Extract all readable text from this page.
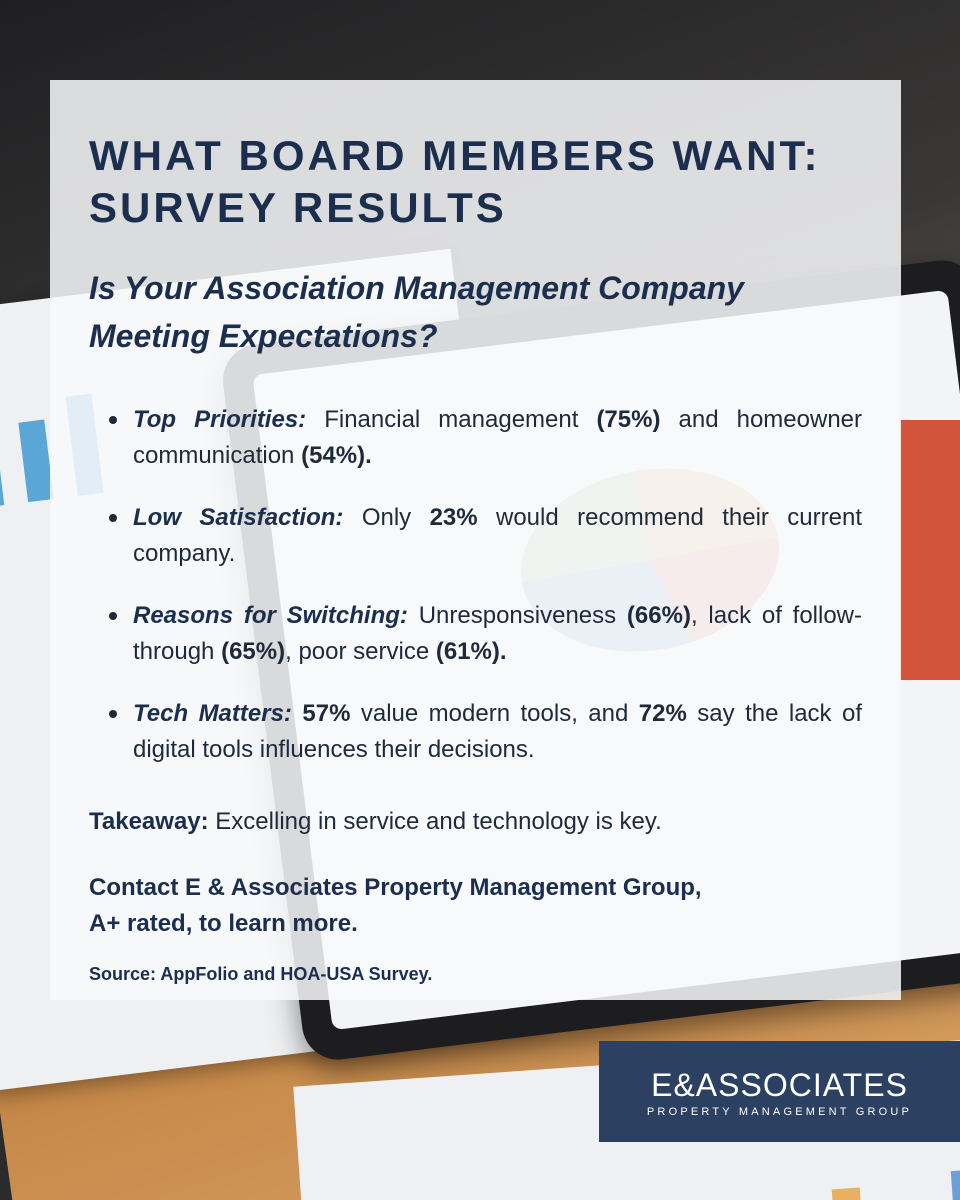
WHAT BOARD MEMBERS WANT:
SURVEY RESULTS
Is Your Association Management Company
Meeting Expectations?
Top Priorities: Financial management (75%) and homeowner communication (54%).
Low Satisfaction: Only 23% would recommend their current company.
Reasons for Switching: Unresponsiveness (66%), lack of follow-through (65%), poor service (61%).
Tech Matters: 57% value modern tools, and 72% say the lack of digital tools influences their decisions.

Takeaway: Excelling in service and technology is key.

Contact E & Associates Property Management Group,
A+ rated, to learn more.

Source: AppFolio and HOA-USA Survey.

E&ASSOCIATES
PROPERTY MANAGEMENT GROUP
